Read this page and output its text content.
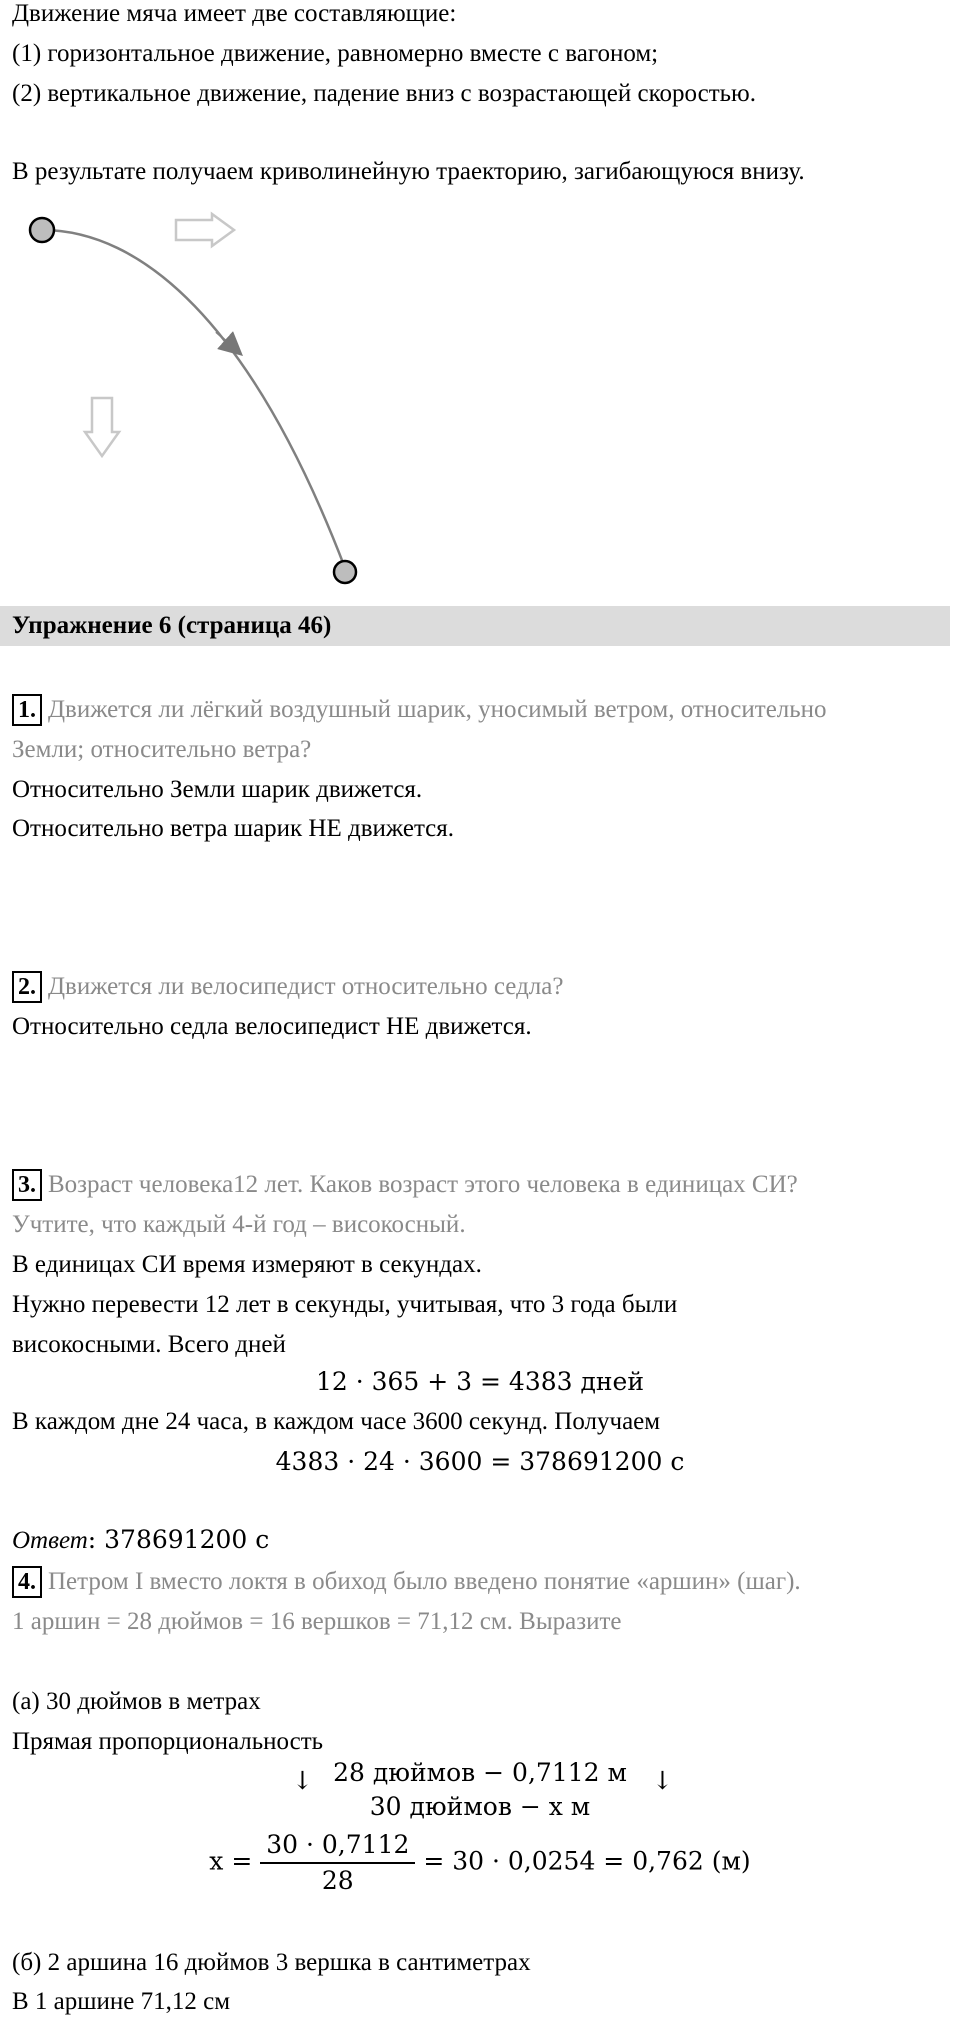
Движение мяча имеет две составляющие:
(1) горизонтальное движение, равномерно вместе с вагоном;
(2) вертикальное движение, падение вниз с возрастающей скоростью.
В результате получаем криволинейную траекторию, загибающуюся внизу.
Упражнение 6 (страница 46)
1. Движется ли лёгкий воздушный шарик, уносимый ветром, относительно
Земли; относительно ветра?
Относительно Земли шарик движется.
Относительно ветра шарик НЕ движется.
2. Движется ли велосипедист относительно седла?
Относительно седла велосипедист НЕ движется.
3. Возраст человека12 лет. Каков возраст этого человека в единицах СИ?
Учтите, что каждый 4-й год – високосный.
В единицах СИ время измеряют в секундах.
Нужно перевести 12 лет в секунды, учитывая, что 3 года были
високосными. Всего дней
12 · 365 + 3 = 4383 дней
В каждом дне 24 часа, в каждом часе 3600 секунд. Получаем
4383 · 24 · 3600 = 378691200 с
Ответ: 378691200 с
4. Петром I вместо локтя в обиход было введено понятие «аршин» (шаг).
1 аршин = 28 дюймов = 16 вершков = 71,12 см. Выразите
(а) 30 дюймов в метрах
Прямая пропорциональность
↓	↓
28 дюймов − 0,7112 м
30 дюймов − x м
$x = \frac{30 \cdot 0,7112}{28} = 30 \cdot 0,0254 = 0,762$ (м)
(б) 2 аршина 16 дюймов 3 вершка в сантиметрах
В 1 аршине 71,12 см
